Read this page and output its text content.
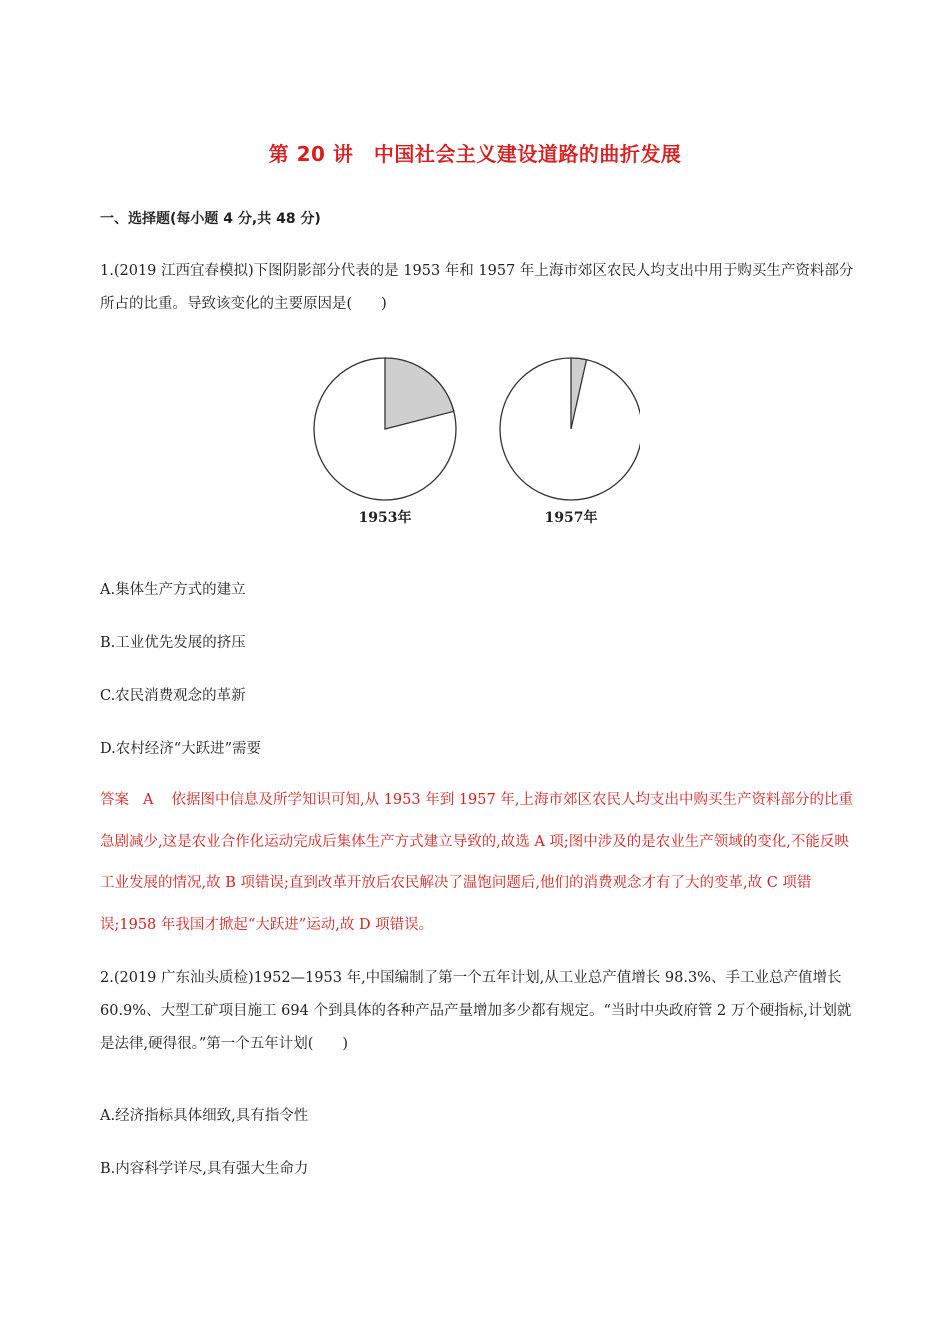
第 20 讲　中国社会主义建设道路的曲折发展
一、选择题(每小题 4 分,共 48 分)
1.(2019 江西宜春模拟)下图阴影部分代表的是 1953 年和 1957 年上海市郊区农民人均支出中用于购买生产资料部分所占的比重。导致该变化的主要原因是(　　)
1953年	1957年
A.集体生产方式的建立
B.工业优先发展的挤压
C.农民消费观念的革新
D.农村经济“大跃进”需要
答案 A 依据图中信息及所学知识可知,从 1953 年到 1957 年,上海市郊区农民人均支出中购买生产资料部分的比重急剧减少,这是农业合作化运动完成后集体生产方式建立导致的,故选 A 项;图中涉及的是农业生产领域的变化,不能反映工业发展的情况,故 B 项错误;直到改革开放后农民解决了温饱问题后,他们的消费观念才有了大的变革,故 C 项错误;1958 年我国才掀起“大跃进”运动,故 D 项错误。
2.(2019 广东汕头质检)1952—1953 年,中国编制了第一个五年计划,从工业总产值增长 98.3%、手工业总产值增长 60.9%、大型工矿项目施工 694 个到具体的各种产品产量增加多少都有规定。“当时中央政府管 2 万个硬指标,计划就是法律,硬得很。”第一个五年计划(　　)
A.经济指标具体细致,具有指令性
B.内容科学详尽,具有强大生命力
